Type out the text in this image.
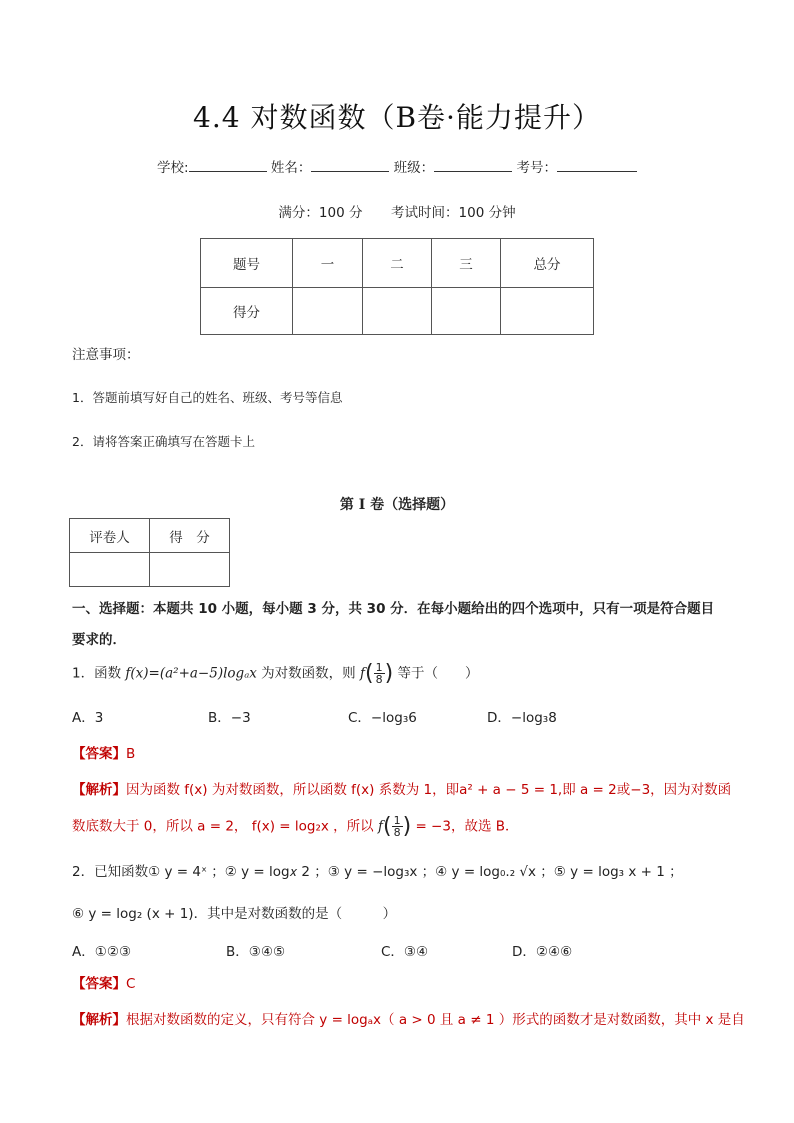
4.4 对数函数（B卷·能力提升）
学校:	姓名：	班级：	考号：
满分：100 分 考试时间：100 分钟
题号	一	二	三	总分
得分				
注意事项：
1．答题前填写好自己的姓名、班级、考号等信息
2．请将答案正确填写在答题卡上
第 I 卷（选择题）
评卷人	得　分

一、选择题：本题共 10 小题，每小题 3 分，共 30 分．在每小题给出的四个选项中，只有一项是符合题目
要求的．
1．函数 f(x)=(a²+a−5)logₐx 为对数函数，则 $f( \frac{1}{8}$ ) 等于（　　）
A．3	B．−3	C．−log₃6	D．−log₃8
【答案】B
【解析】因为函数 f(x) 为对数函数，所以函数 f(x) 系数为 1，即a² + a − 5 = 1,即 a = 2或−3，因为对数函
数底数大于 0，所以 a = 2， f(x) = log₂x ，所以 $f( \frac{1}{8}$ ) = −3，故选 B．
2．已知函数① y = 4ˣ ；② y = log𝑥 2 ；③ y = −log₃x ；④ y = log₀.₂ √x ；⑤ y = log₃ x + 1 ；
⑥ y = log₂ (x + 1)．其中是对数函数的是（　　　）
A．①②③	B．③④⑤	C．③④	D．②④⑥
【答案】C
【解析】根据对数函数的定义，只有符合 y = logₐx（ a > 0 且 a ≠ 1 ）形式的函数才是对数函数，其中 x 是自
